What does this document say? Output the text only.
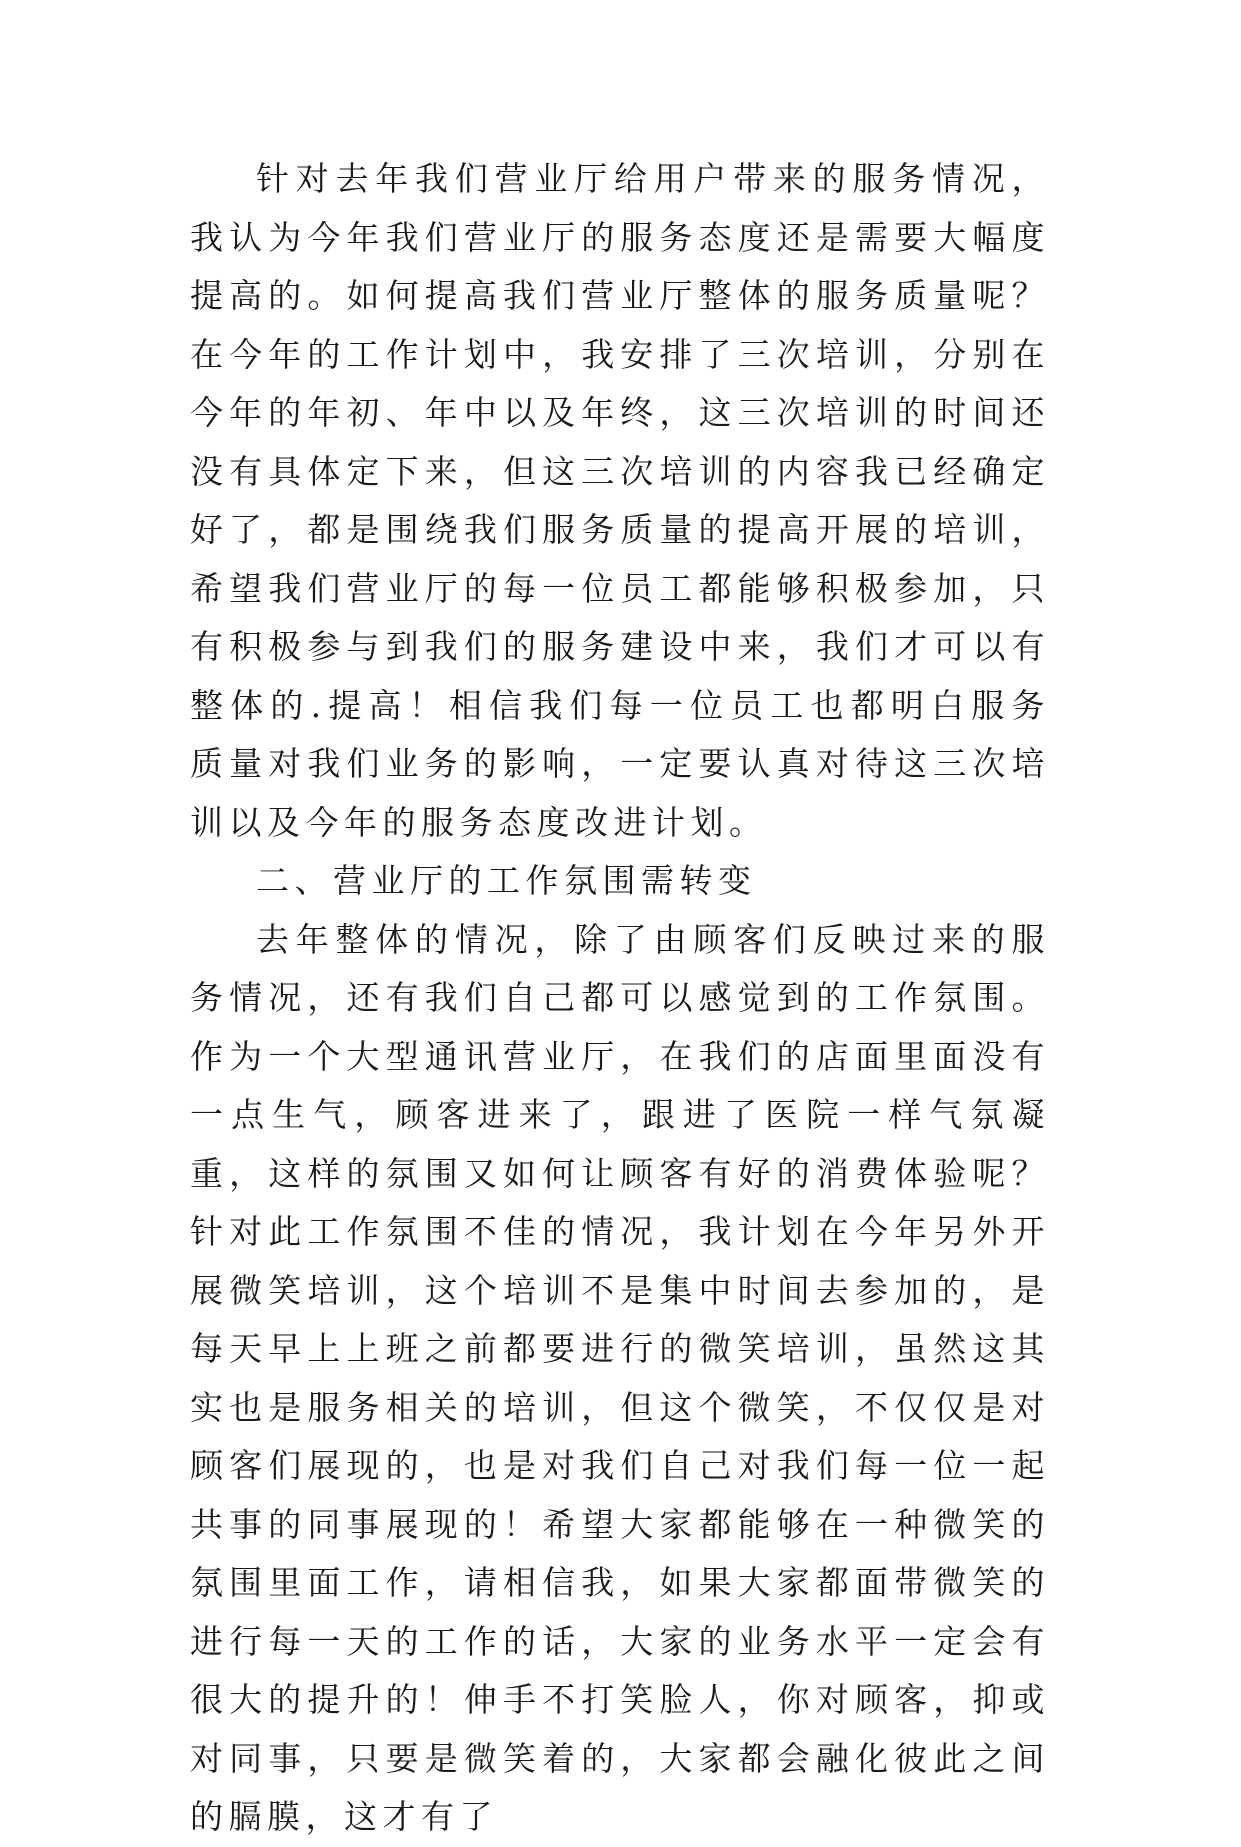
针对去年我们营业厅给用户带来的服务情况，我认为今年我们营业厅的服务态度还是需要大幅度提高的。如何提高我们营业厅整体的服务质量呢？在今年的工作计划中，我安排了三次培训，分别在今年的年初、年中以及年终，这三次培训的时间还没有具体定下来，但这三次培训的内容我已经确定好了，都是围绕我们服务质量的提高开展的培训，希望我们营业厅的每一位员工都能够积极参加，只有积极参与到我们的服务建设中来，我们才可以有整体的.提高！相信我们每一位员工也都明白服务质量对我们业务的影响，一定要认真对待这三次培训以及今年的服务态度改进计划。

二、营业厅的工作氛围需转变

去年整体的情况，除了由顾客们反映过来的服务情况，还有我们自己都可以感觉到的工作氛围。作为一个大型通讯营业厅，在我们的店面里面没有一点生气，顾客进来了，跟进了医院一样气氛凝重，这样的氛围又如何让顾客有好的消费体验呢？针对此工作氛围不佳的情况，我计划在今年另外开展微笑培训，这个培训不是集中时间去参加的，是每天早上上班之前都要进行的微笑培训，虽然这其实也是服务相关的培训，但这个微笑，不仅仅是对顾客们展现的，也是对我们自己对我们每一位一起共事的同事展现的！希望大家都能够在一种微笑的氛围里面工作，请相信我，如果大家都面带微笑的进行每一天的工作的话，大家的业务水平一定会有很大的提升的！伸手不打笑脸人，你对顾客，抑或对同事，只要是微笑着的，大家都会融化彼此之间的膈膜，这才有了
